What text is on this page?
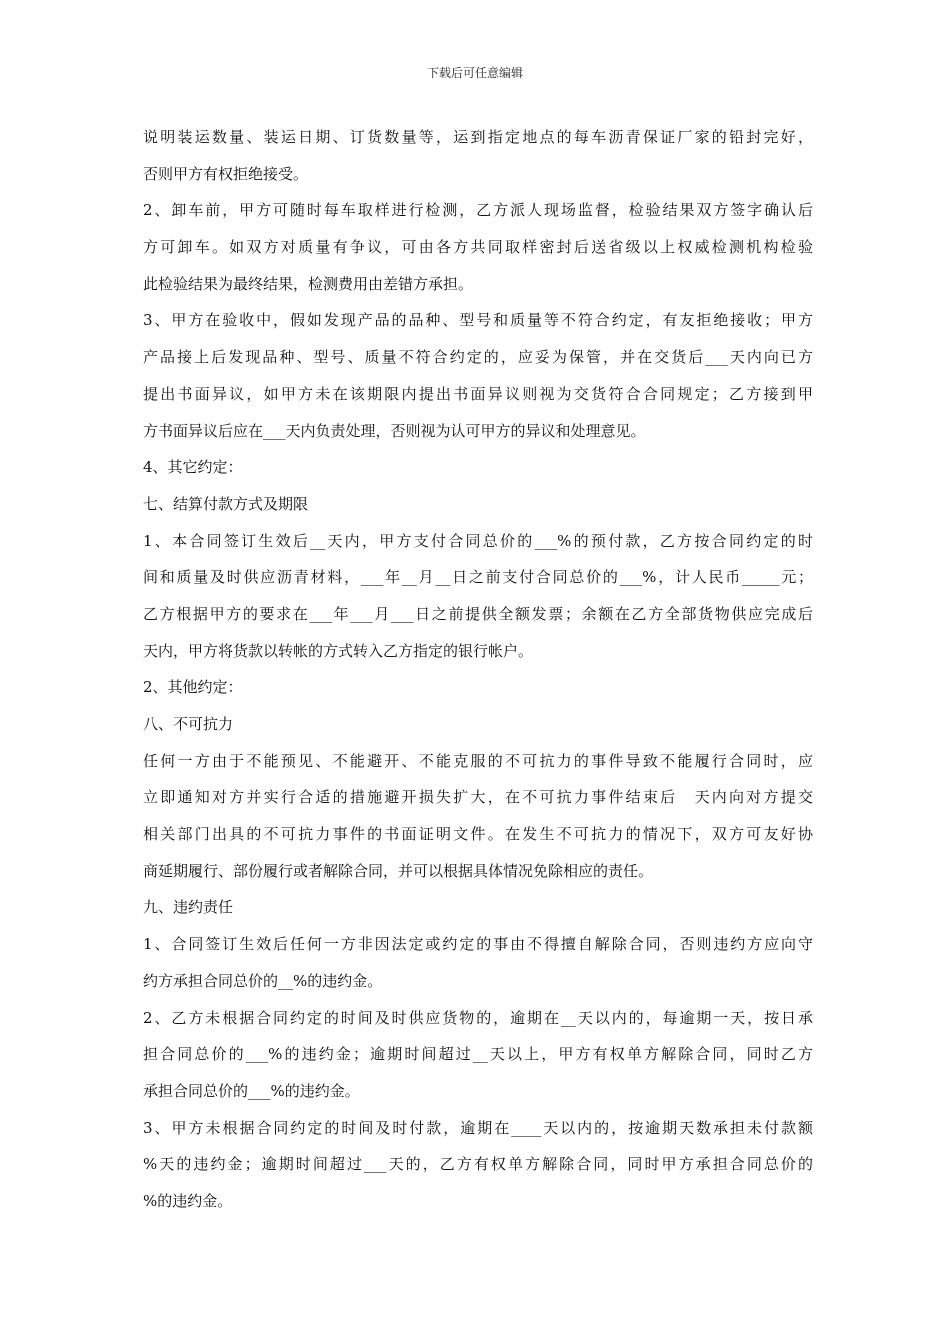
下载后可任意编辑
说明装运数量、装运日期、订货数量等，运到指定地点的每车沥青保证厂家的铅封完好，
否则甲方有权拒绝接受。
2、卸车前，甲方可随时每车取样进行检测，乙方派人现场监督，检验结果双方签字确认后
方可卸车。如双方对质量有争议，可由各方共同取样密封后送省级以上权威检测机构检验
此检验结果为最终结果，检测费用由差错方承担。
3、甲方在验收中，假如发现产品的品种、型号和质量等不符合约定，有友拒绝接收；甲方
产品接上后发现品种、型号、质量不符合约定的，应妥为保管，并在交货后___天内向已方
提出书面异议，如甲方未在该期限内提出书面异议则视为交货符合合同规定；乙方接到甲
方书面异议后应在___天内负责处理，否则视为认可甲方的异议和处理意见。
4、其它约定：
七、结算付款方式及期限
1、本合同签订生效后__天内，甲方支付合同总价的___%的预付款，乙方按合同约定的时
间和质量及时供应沥青材料，___年__月__日之前支付合同总价的___%，计人民币_____元；
乙方根据甲方的要求在___年___月___日之前提供全额发票；余额在乙方全部货物供应完成后
天内，甲方将货款以转帐的方式转入乙方指定的银行帐户。
2、其他约定：
八、不可抗力
任何一方由于不能预见、不能避开、不能克服的不可抗力的事件导致不能履行合同时，应
立即通知对方并实行合适的措施避开损失扩大，在不可抗力事件结束后　天内向对方提交
相关部门出具的不可抗力事件的书面证明文件。在发生不可抗力的情况下，双方可友好协
商延期履行、部份履行或者解除合同，并可以根据具体情况免除相应的责任。
九、违约责任
1、合同签订生效后任何一方非因法定或约定的事由不得擅自解除合同，否则违约方应向守
约方承担合同总价的__%的违约金。
2、乙方未根据合同约定的时间及时供应货物的，逾期在__天以内的，每逾期一天，按日承
担合同总价的___%的违约金；逾期时间超过__天以上，甲方有权单方解除合同，同时乙方
承担合同总价的___%的违约金。
3、甲方未根据合同约定的时间及时付款，逾期在____天以内的，按逾期天数承担未付款额
%天的违约金；逾期时间超过___天的，乙方有权单方解除合同，同时甲方承担合同总价的
%的违约金。
